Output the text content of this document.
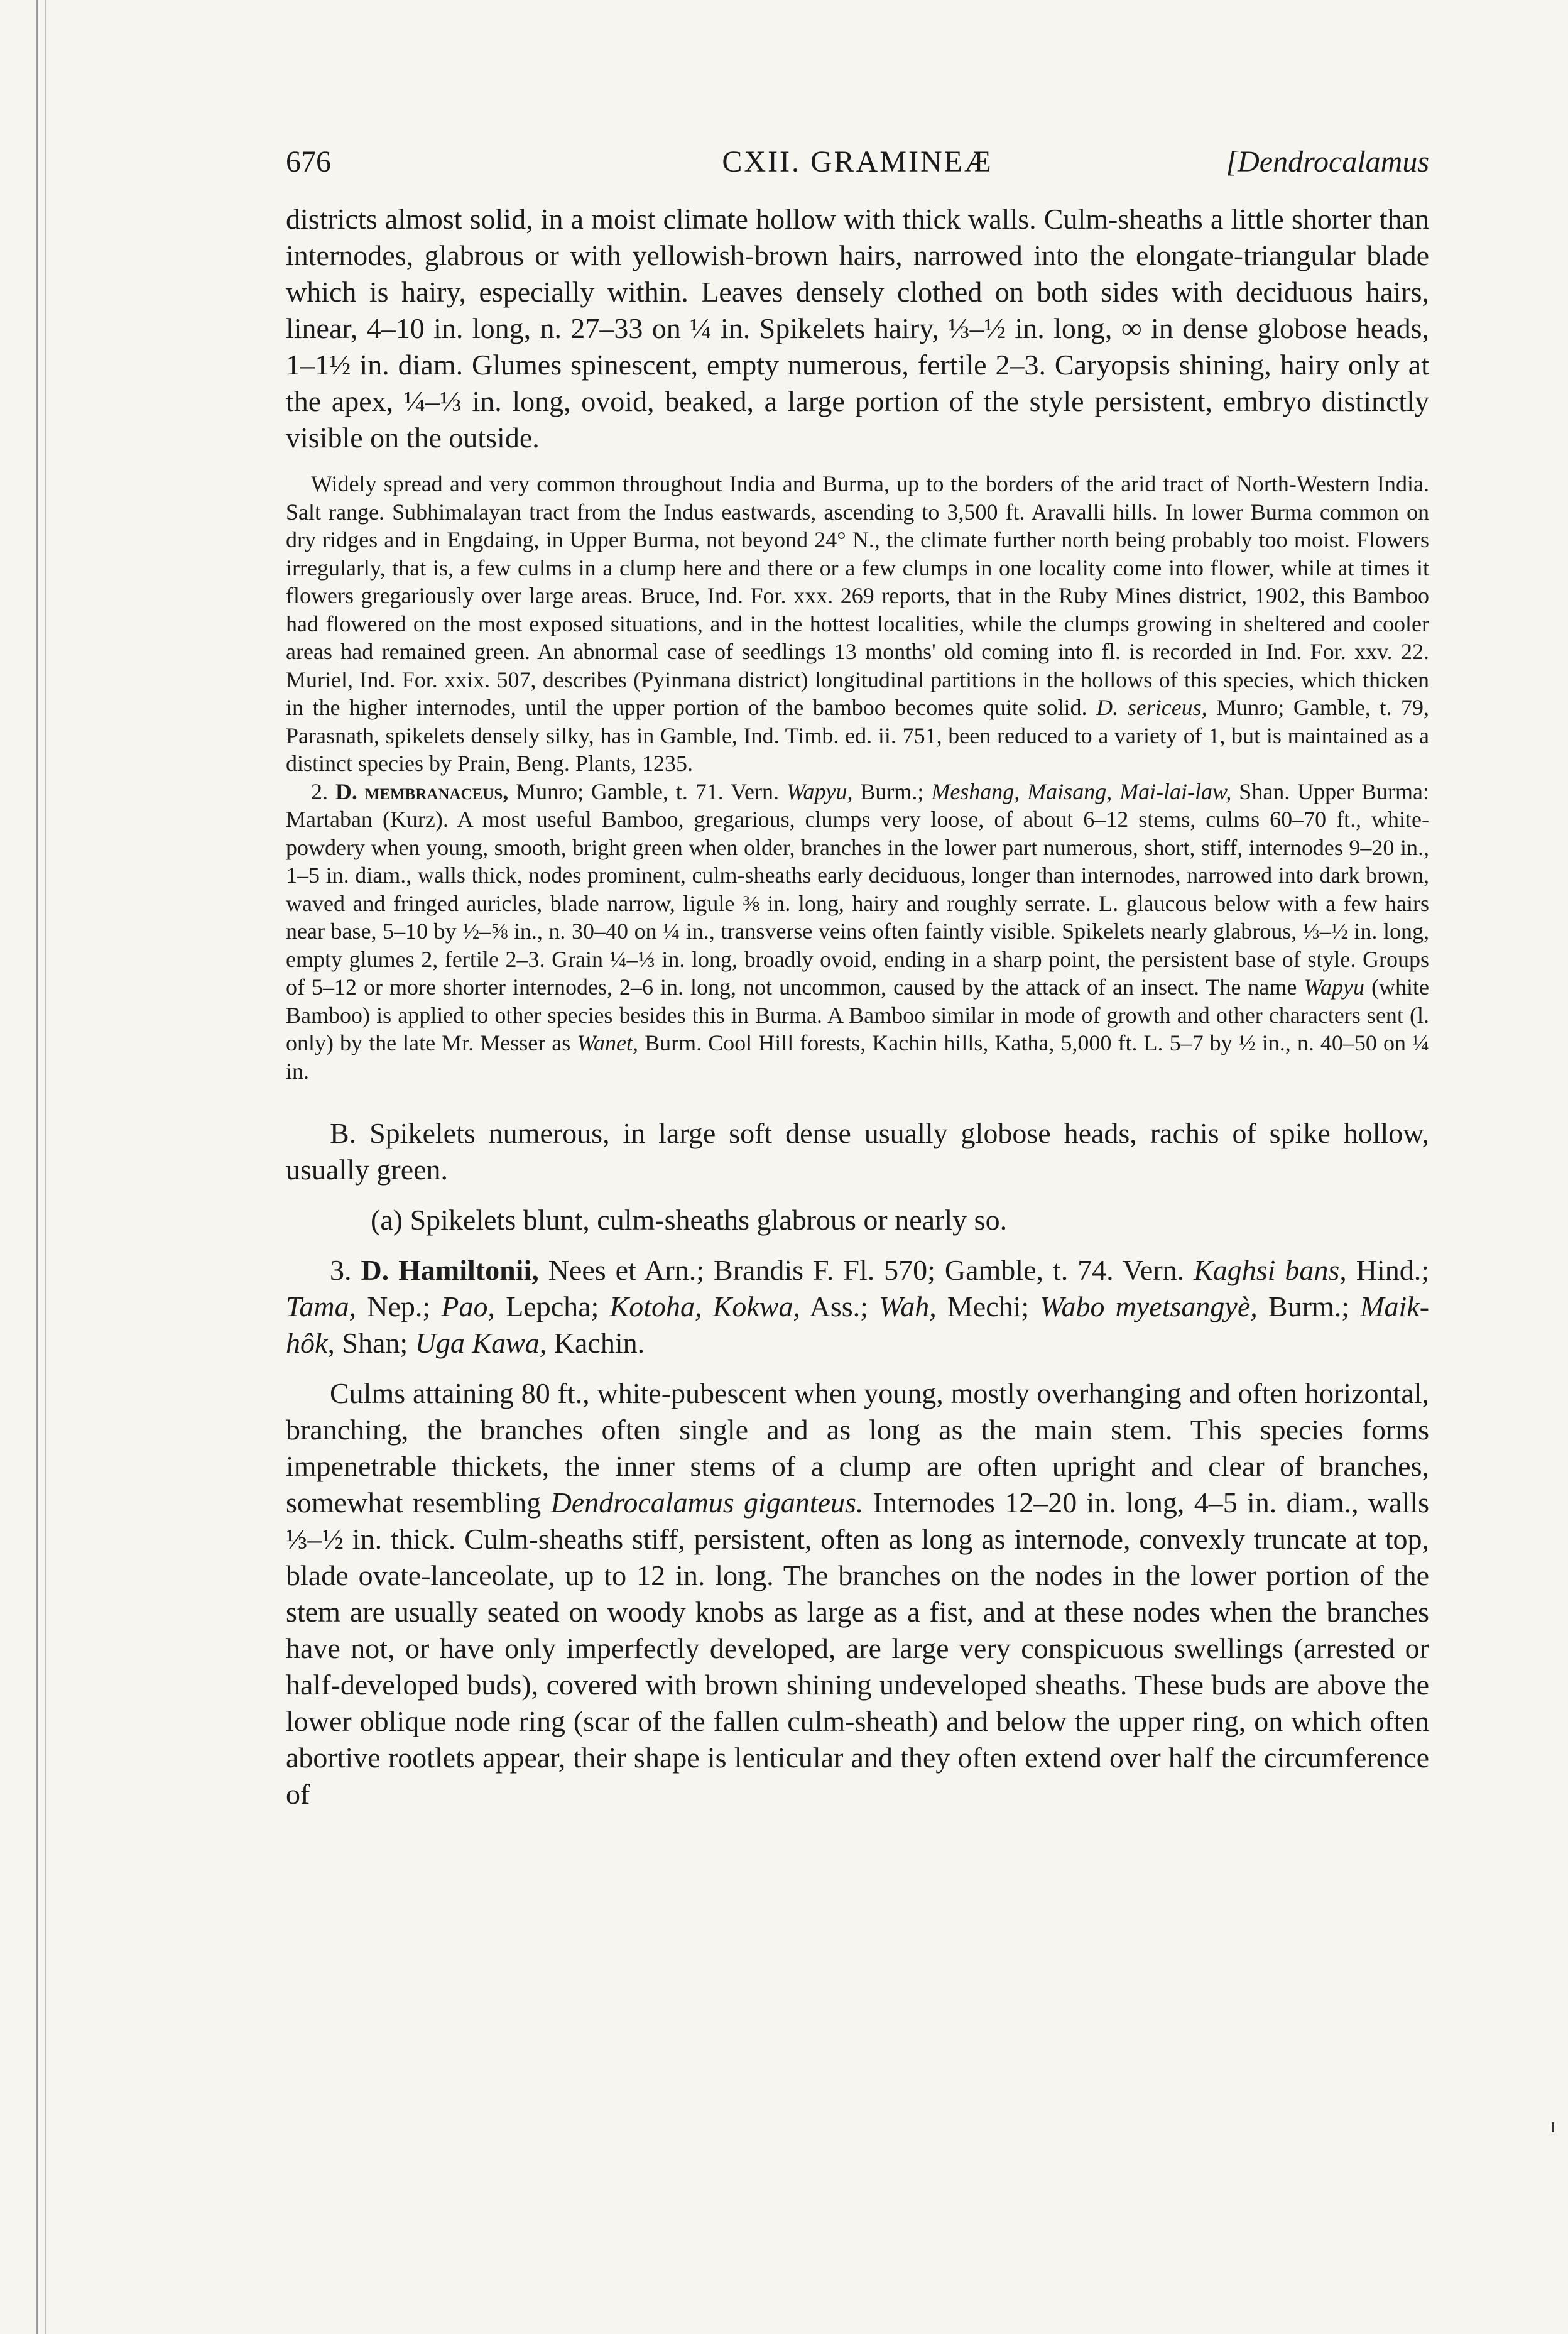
676	CXII. GRAMINEÆ	[Dendrocalamus

districts almost solid, in a moist climate hollow with thick walls. Culm-sheaths a little shorter than internodes, glabrous or with yellowish-brown hairs, narrowed into the elongate-triangular blade which is hairy, especially within. Leaves densely clothed on both sides with deciduous hairs, linear, 4–10 in. long, n. 27–33 on ¼ in. Spikelets hairy, ⅓–½ in. long, ∞ in dense globose heads, 1–1½ in. diam. Glumes spinescent, empty numerous, fertile 2–3. Caryopsis shining, hairy only at the apex, ¼–⅓ in. long, ovoid, beaked, a large portion of the style persistent, embryo distinctly visible on the outside.

Widely spread and very common throughout India and Burma, up to the borders of the arid tract of North-Western India. Salt range. Subhimalayan tract from the Indus eastwards, ascending to 3,500 ft. Aravalli hills. In lower Burma common on dry ridges and in Engdaing, in Upper Burma, not beyond 24° N., the climate further north being probably too moist. Flowers irregularly, that is, a few culms in a clump here and there or a few clumps in one locality come into flower, while at times it flowers gregariously over large areas. Bruce, Ind. For. xxx. 269 reports, that in the Ruby Mines district, 1902, this Bamboo had flowered on the most exposed situations, and in the hottest localities, while the clumps growing in sheltered and cooler areas had remained green. An abnormal case of seedlings 13 months' old coming into fl. is recorded in Ind. For. xxv. 22. Muriel, Ind. For. xxix. 507, describes (Pyinmana district) longitudinal partitions in the hollows of this species, which thicken in the higher internodes, until the upper portion of the bamboo becomes quite solid. D. sericeus, Munro; Gamble, t. 79, Parasnath, spikelets densely silky, has in Gamble, Ind. Timb. ed. ii. 751, been reduced to a variety of 1, but is maintained as a distinct species by Prain, Beng. Plants, 1235.

2. D. membranaceus, Munro; Gamble, t. 71. Vern. Wapyu, Burm.; Meshang, Maisang, Mai-lai-law, Shan. Upper Burma: Martaban (Kurz). A most useful Bamboo, gregarious, clumps very loose, of about 6–12 stems, culms 60–70 ft., white-powdery when young, smooth, bright green when older, branches in the lower part numerous, short, stiff, internodes 9–20 in., 1–5 in. diam., walls thick, nodes prominent, culm-sheaths early deciduous, longer than internodes, narrowed into dark brown, waved and fringed auricles, blade narrow, ligule ⅜ in. long, hairy and roughly serrate. L. glaucous below with a few hairs near base, 5–10 by ½–⅝ in., n. 30–40 on ¼ in., transverse veins often faintly visible. Spikelets nearly glabrous, ⅓–½ in. long, empty glumes 2, fertile 2–3. Grain ¼–⅓ in. long, broadly ovoid, ending in a sharp point, the persistent base of style. Groups of 5–12 or more shorter internodes, 2–6 in. long, not uncommon, caused by the attack of an insect. The name Wapyu (white Bamboo) is applied to other species besides this in Burma. A Bamboo similar in mode of growth and other characters sent (l. only) by the late Mr. Messer as Wanet, Burm. Cool Hill forests, Kachin hills, Katha, 5,000 ft. L. 5–7 by ½ in., n. 40–50 on ¼ in.

B. Spikelets numerous, in large soft dense usually globose heads, rachis of spike hollow, usually green.

(a) Spikelets blunt, culm-sheaths glabrous or nearly so.

3. D. Hamiltonii, Nees et Arn.; Brandis F. Fl. 570; Gamble, t. 74. Vern. Kaghsi bans, Hind.; Tama, Nep.; Pao, Lepcha; Kotoha, Kokwa, Ass.; Wah, Mechi; Wabo myetsangyè, Burm.; Maik-hôk, Shan; Uga Kawa, Kachin.

Culms attaining 80 ft., white-pubescent when young, mostly overhanging and often horizontal, branching, the branches often single and as long as the main stem. This species forms impenetrable thickets, the inner stems of a clump are often upright and clear of branches, somewhat resembling Dendrocalamus giganteus. Internodes 12–20 in. long, 4–5 in. diam., walls ⅓–½ in. thick. Culm-sheaths stiff, persistent, often as long as internode, convexly truncate at top, blade ovate-lanceolate, up to 12 in. long. The branches on the nodes in the lower portion of the stem are usually seated on woody knobs as large as a fist, and at these nodes when the branches have not, or have only imperfectly developed, are large very conspicuous swellings (arrested or half-developed buds), covered with brown shining undeveloped sheaths. These buds are above the lower oblique node ring (scar of the fallen culm-sheath) and below the upper ring, on which often abortive rootlets appear, their shape is lenticular and they often extend over half the circumference of
